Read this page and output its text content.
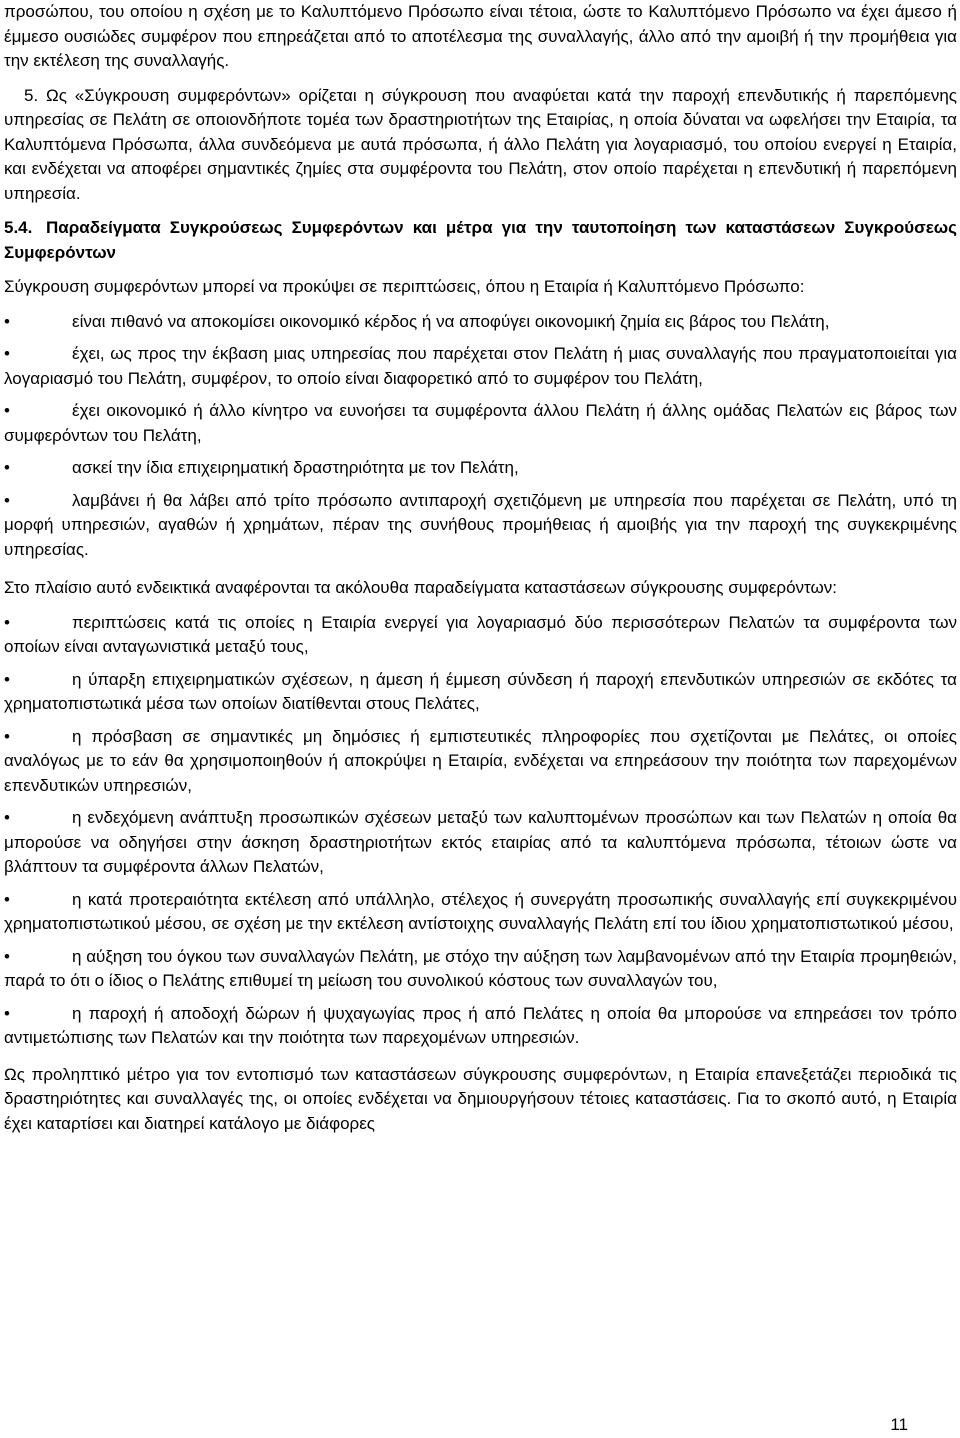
προσώπου, του οποίου η σχέση με το Καλυπτόμενο Πρόσωπο είναι τέτοια, ώστε το Καλυπτόμενο Πρόσωπο να έχει άμεσο ή έμμεσο ουσιώδες συμφέρον που επηρεάζεται από το αποτέλεσμα της συναλλαγής, άλλο από την αμοιβή ή την προμήθεια για την εκτέλεση της συναλλαγής.

5. Ως «Σύγκρουση συμφερόντων» ορίζεται η σύγκρουση που αναφύεται κατά την παροχή επενδυτικής ή παρεπόμενης υπηρεσίας σε Πελάτη σε οποιονδήποτε τομέα των δραστηριοτήτων της Εταιρίας, η οποία δύναται να ωφελήσει την Εταιρία, τα Καλυπτόμενα Πρόσωπα, άλλα συνδεόμενα με αυτά πρόσωπα, ή άλλο Πελάτη για λογαριασμό, του οποίου ενεργεί η Εταιρία, και ενδέχεται να αποφέρει σημαντικές ζημίες στα συμφέροντα του Πελάτη, στον οποίο παρέχεται η επενδυτική ή παρεπόμενη υπηρεσία.

5.4. Παραδείγματα Συγκρούσεως Συμφερόντων και μέτρα για την ταυτοποίηση των καταστάσεων Συγκρούσεως Συμφερόντων

Σύγκρουση συμφερόντων μπορεί να προκύψει σε περιπτώσεις, όπου η Εταιρία ή Καλυπτόμενο Πρόσωπο:

•	είναι πιθανό να αποκομίσει οικονομικό κέρδος ή να αποφύγει οικονομική ζημία εις βάρος του Πελάτη,

•	έχει, ως προς την έκβαση μιας υπηρεσίας που παρέχεται στον Πελάτη ή μιας συναλλαγής που πραγματοποιείται για λογαριασμό του Πελάτη, συμφέρον, το οποίο είναι διαφορετικό από το συμφέρον του Πελάτη,

•	έχει οικονομικό ή άλλο κίνητρο να ευνοήσει τα συμφέροντα άλλου Πελάτη ή άλλης ομάδας Πελατών εις βάρος των συμφερόντων του Πελάτη,

•	ασκεί την ίδια επιχειρηματική δραστηριότητα με τον Πελάτη,

•	λαμβάνει ή θα λάβει από τρίτο πρόσωπο αντιπαροχή σχετιζόμενη με υπηρεσία που παρέχεται σε Πελάτη, υπό τη μορφή υπηρεσιών, αγαθών ή χρημάτων, πέραν της συνήθους προμήθειας ή αμοιβής για την παροχή της συγκεκριμένης υπηρεσίας.

Στο πλαίσιο αυτό ενδεικτικά αναφέρονται τα ακόλουθα παραδείγματα καταστάσεων σύγκρουσης συμφερόντων:

•	περιπτώσεις κατά τις οποίες η Εταιρία ενεργεί για λογαριασμό δύο περισσότερων Πελατών τα συμφέροντα των οποίων είναι ανταγωνιστικά μεταξύ τους,

•	η ύπαρξη επιχειρηματικών σχέσεων, η άμεση ή έμμεση σύνδεση ή παροχή επενδυτικών υπηρεσιών σε εκδότες τα χρηματοπιστωτικά μέσα των οποίων διατίθενται στους Πελάτες,

•	η πρόσβαση σε σημαντικές μη δημόσιες ή εμπιστευτικές πληροφορίες που σχετίζονται με Πελάτες, οι οποίες αναλόγως με το εάν θα χρησιμοποιηθούν ή αποκρύψει η Εταιρία, ενδέχεται να επηρεάσουν την ποιότητα των παρεχομένων επενδυτικών υπηρεσιών,

•	η ενδεχόμενη ανάπτυξη προσωπικών σχέσεων μεταξύ των καλυπτομένων προσώπων και των Πελατών η οποία θα μπορούσε να οδηγήσει στην άσκηση δραστηριοτήτων εκτός εταιρίας από τα καλυπτόμενα πρόσωπα, τέτοιων ώστε να βλάπτουν τα συμφέροντα άλλων Πελατών,

•	η κατά προτεραιότητα εκτέλεση από υπάλληλο, στέλεχος ή συνεργάτη προσωπικής συναλλαγής επί συγκεκριμένου χρηματοπιστωτικού μέσου, σε σχέση με την εκτέλεση αντίστοιχης συναλλαγής Πελάτη επί του ίδιου χρηματοπιστωτικού μέσου,

•	η αύξηση του όγκου των συναλλαγών Πελάτη, με στόχο την αύξηση των λαμβανομένων από την Εταιρία προμηθειών, παρά το ότι ο ίδιος ο Πελάτης επιθυμεί τη μείωση του συνολικού κόστους των συναλλαγών του,

•	η παροχή ή αποδοχή δώρων ή ψυχαγωγίας προς ή από Πελάτες η οποία θα μπορούσε να επηρεάσει τον τρόπο αντιμετώπισης των Πελατών και την ποιότητα των παρεχομένων υπηρεσιών.

Ως προληπτικό μέτρο για τον εντοπισμό των καταστάσεων σύγκρουσης συμφερόντων, η Εταιρία επανεξετάζει περιοδικά τις δραστηριότητες και συναλλαγές της, οι οποίες ενδέχεται να δημιουργήσουν τέτοιες καταστάσεις. Για το σκοπό αυτό, η Εταιρία έχει καταρτίσει και διατηρεί κατάλογο με διάφορες

11
